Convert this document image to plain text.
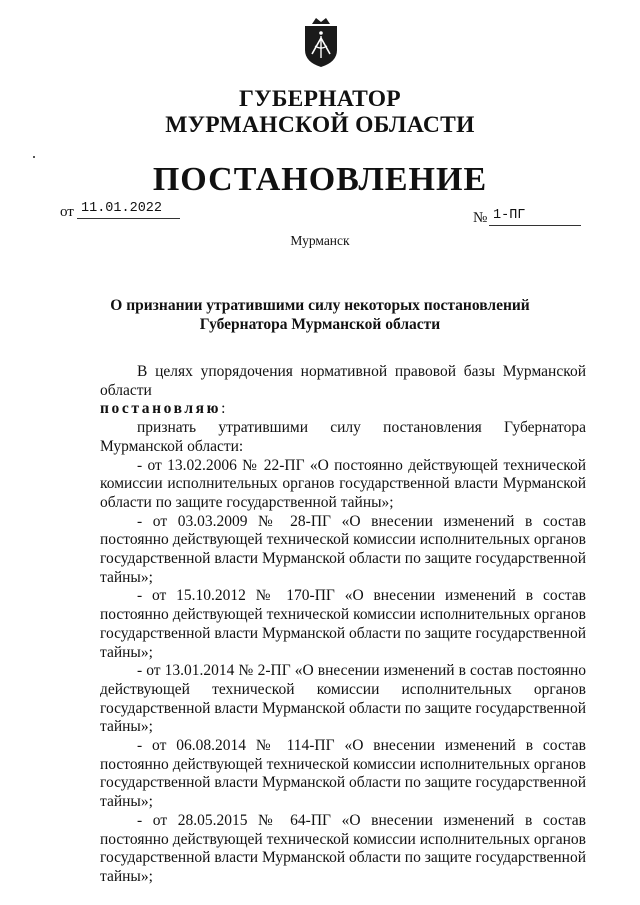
ГУБЕРНАТОР
МУРМАНСКОЙ ОБЛАСТИ
ПОСТАНОВЛЕНИЕ
от 11.01.2022
№ 1-ПГ
Мурманск
О признании утратившими силу некоторых постановлений
Губернатора Мурманской области

В целях упорядочения нормативной правовой базы Мурманской области
постановляю:

признать утратившими силу постановления Губернатора Мурманской области:

- от 13.02.2006 № 22-ПГ «О постоянно действующей технической комиссии исполнительных органов государственной власти Мурманской области по защите государственной тайны»;

- от 03.03.2009 № 28-ПГ «О внесении изменений в состав постоянно действующей технической комиссии исполнительных органов государственной власти Мурманской области по защите государственной тайны»;

- от 15.10.2012 № 170-ПГ «О внесении изменений в состав постоянно действующей технической комиссии исполнительных органов государственной власти Мурманской области по защите государственной тайны»;

- от 13.01.2014 № 2-ПГ «О внесении изменений в состав постоянно действующей технической комиссии исполнительных органов государственной власти Мурманской области по защите государственной тайны»;

- от 06.08.2014 № 114-ПГ «О внесении изменений в состав постоянно действующей технической комиссии исполнительных органов государственной власти Мурманской области по защите государственной тайны»;

- от 28.05.2015 № 64-ПГ «О внесении изменений в состав постоянно действующей технической комиссии исполнительных органов государственной власти Мурманской области по защите государственной тайны»;
